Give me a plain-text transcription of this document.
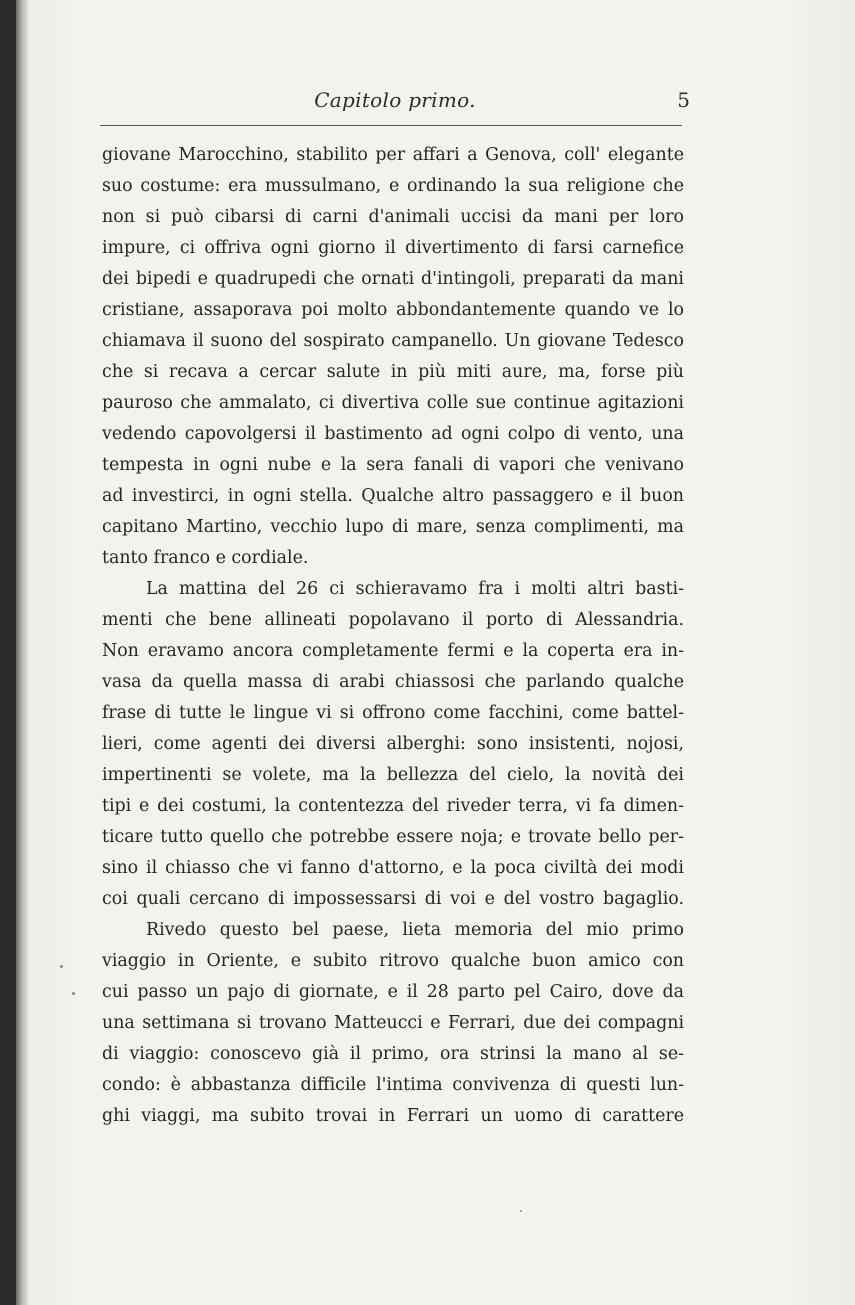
Capitolo primo.	5
giovane Marocchino, stabilito per affari a Genova, coll' elegante
suo costume: era mussulmano, e ordinando la sua religione che
non si può cibarsi di carni d'animali uccisi da mani per loro
impure, ci offriva ogni giorno il divertimento di farsi carnefice
dei bipedi e quadrupedi che ornati d'intingoli, preparati da mani
cristiane, assaporava poi molto abbondantemente quando ve lo
chiamava il suono del sospirato campanello. Un giovane Tedesco
che si recava a cercar salute in più miti aure, ma, forse più
pauroso che ammalato, ci divertiva colle sue continue agitazioni
vedendo capovolgersi il bastimento ad ogni colpo di vento, una
tempesta in ogni nube e la sera fanali di vapori che venivano
ad investirci, in ogni stella. Qualche altro passaggero e il buon
capitano Martino, vecchio lupo di mare, senza complimenti, ma
tanto franco e cordiale.
La mattina del 26 ci schieravamo fra i molti altri basti-
menti che bene allineati popolavano il porto di Alessandria.
Non eravamo ancora completamente fermi e la coperta era in-
vasa da quella massa di arabi chiassosi che parlando qualche
frase di tutte le lingue vi si offrono come facchini, come battel-
lieri, come agenti dei diversi alberghi: sono insistenti, nojosi,
impertinenti se volete, ma la bellezza del cielo, la novità dei
tipi e dei costumi, la contentezza del riveder terra, vi fa dimen-
ticare tutto quello che potrebbe essere noja; e trovate bello per-
sino il chiasso che vi fanno d'attorno, e la poca civiltà dei modi
coi quali cercano di impossessarsi di voi e del vostro bagaglio.
Rivedo questo bel paese, lieta memoria del mio primo
viaggio in Oriente, e subito ritrovo qualche buon amico con
cui passo un pajo di giornate, e il 28 parto pel Cairo, dove da
una settimana si trovano Matteucci e Ferrari, due dei compagni
di viaggio: conoscevo già il primo, ora strinsi la mano al se-
condo: è abbastanza difficile l'intima convivenza di questi lun-
ghi viaggi, ma subito trovai in Ferrari un uomo di carattere
